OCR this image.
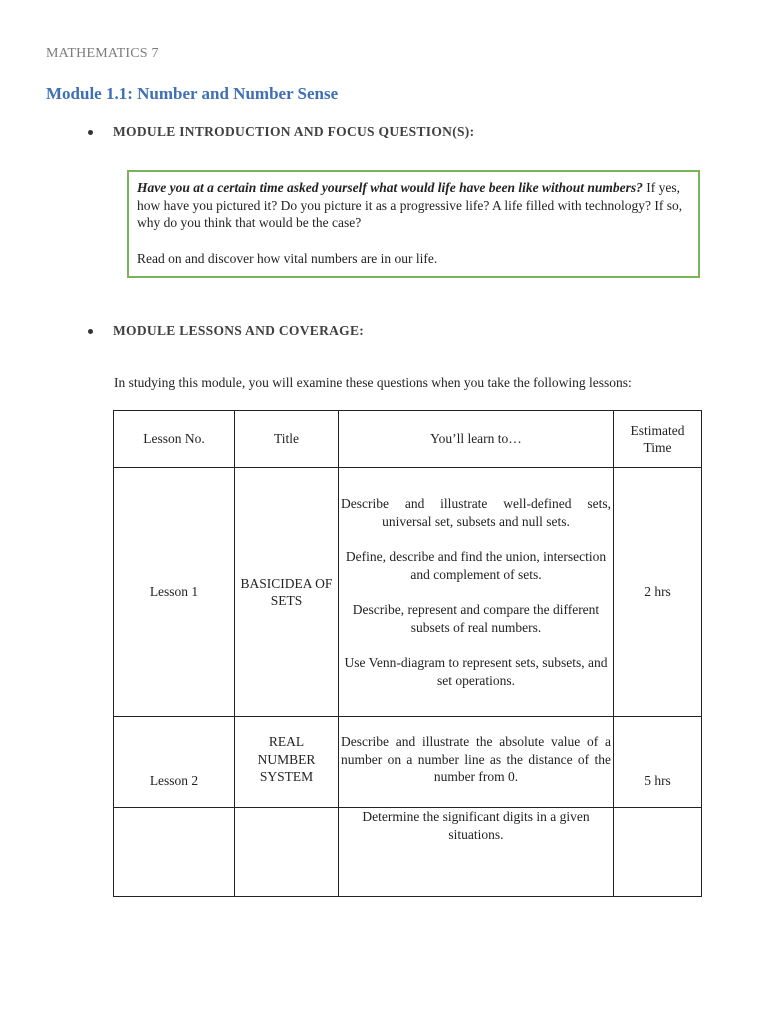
MATHEMATICS 7
Module 1.1: Number and Number Sense
MODULE INTRODUCTION AND FOCUS QUESTION(S):
Have you at a certain time asked yourself what would life have been like without numbers? If yes, how have you pictured it? Do you picture it as a progressive life? A life filled with technology? If so, why do you think that would be the case?
Read on and discover how vital numbers are in our life.
MODULE LESSONS AND COVERAGE:
In studying this module, you will examine these questions when you take the following lessons:
Lesson No.	Title	You’ll learn to…	Estimated Time
Lesson 1	BASICIDEA OF SETS	Describe and illustrate well-defined sets, universal set, subsets and null sets.

Define, describe and find the union, intersection and complement of sets.

Describe, represent and compare the different subsets of real numbers.

Use Venn-diagram to represent sets, subsets, and set operations.	2 hrs
Lesson 2	REAL NUMBER SYSTEM	Describe and illustrate the absolute value of a number on a number line as the distance of the number from 0.	5 hrs

		Determine the significant digits in a given situations.	
